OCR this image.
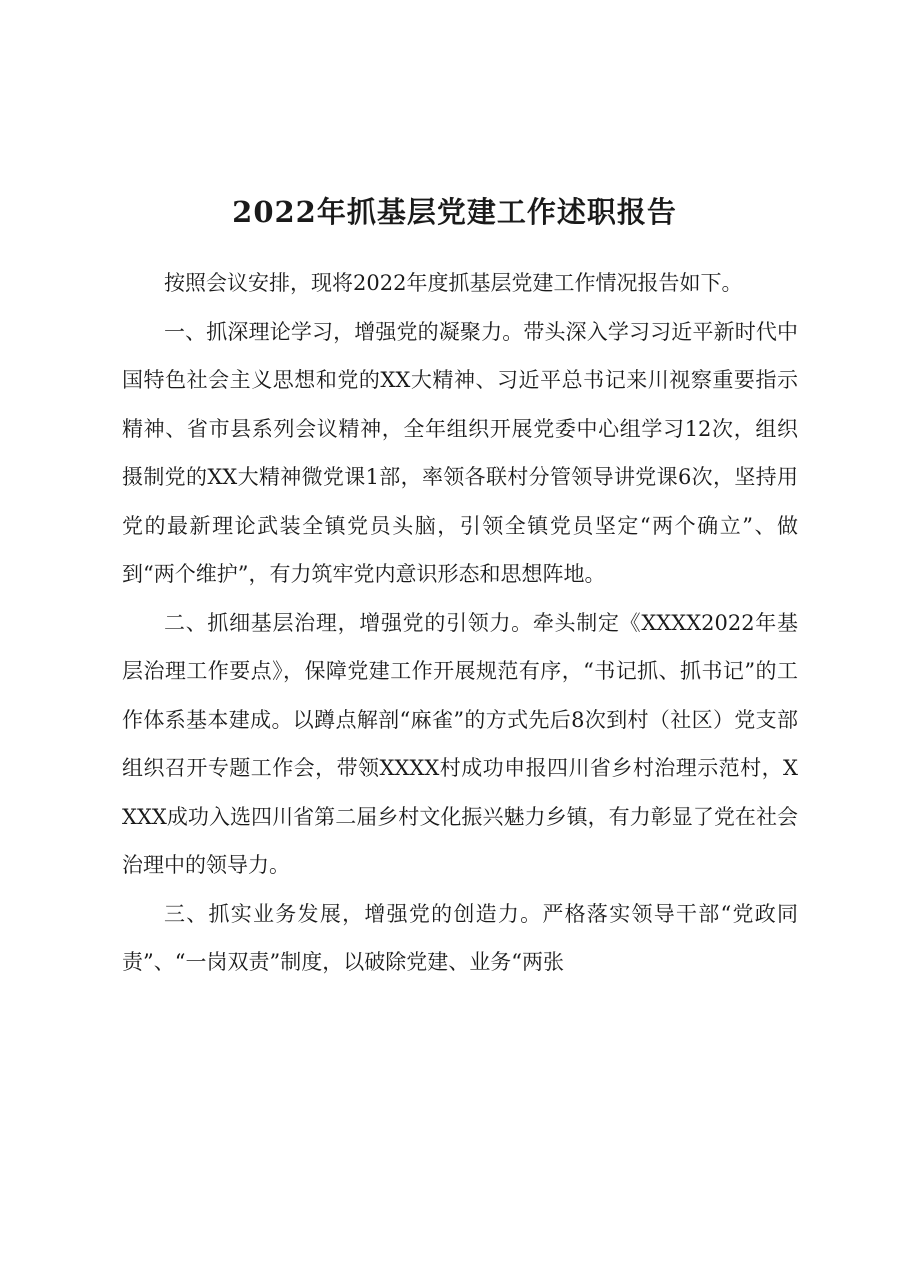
2022年抓基层党建工作述职报告

按照会议安排，现将2022年度抓基层党建工作情况报告如下。

一、抓深理论学习，增强党的凝聚力。带头深入学习习近平新时代中国特色社会主义思想和党的XX大精神、习近平总书记来川视察重要指示精神、省市县系列会议精神，全年组织开展党委中心组学习12次，组织摄制党的XX大精神微党课1部，率领各联村分管领导讲党课6次，坚持用党的最新理论武装全镇党员头脑，引领全镇党员坚定“两个确立”、做到“两个维护”，有力筑牢党内意识形态和思想阵地。

二、抓细基层治理，增强党的引领力。牵头制定《XXXX2022年基层治理工作要点》，保障党建工作开展规范有序，“书记抓、抓书记”的工作体系基本建成。以蹲点解剖“麻雀”的方式先后8次到村（社区）党支部组织召开专题工作会，带领XXXX村成功申报四川省乡村治理示范村，XXXX成功入选四川省第二届乡村文化振兴魅力乡镇，有力彰显了党在社会治理中的领导力。

三、抓实业务发展，增强党的创造力。严格落实领导干部“党政同责”、“一岗双责”制度，以破除党建、业务“两张
